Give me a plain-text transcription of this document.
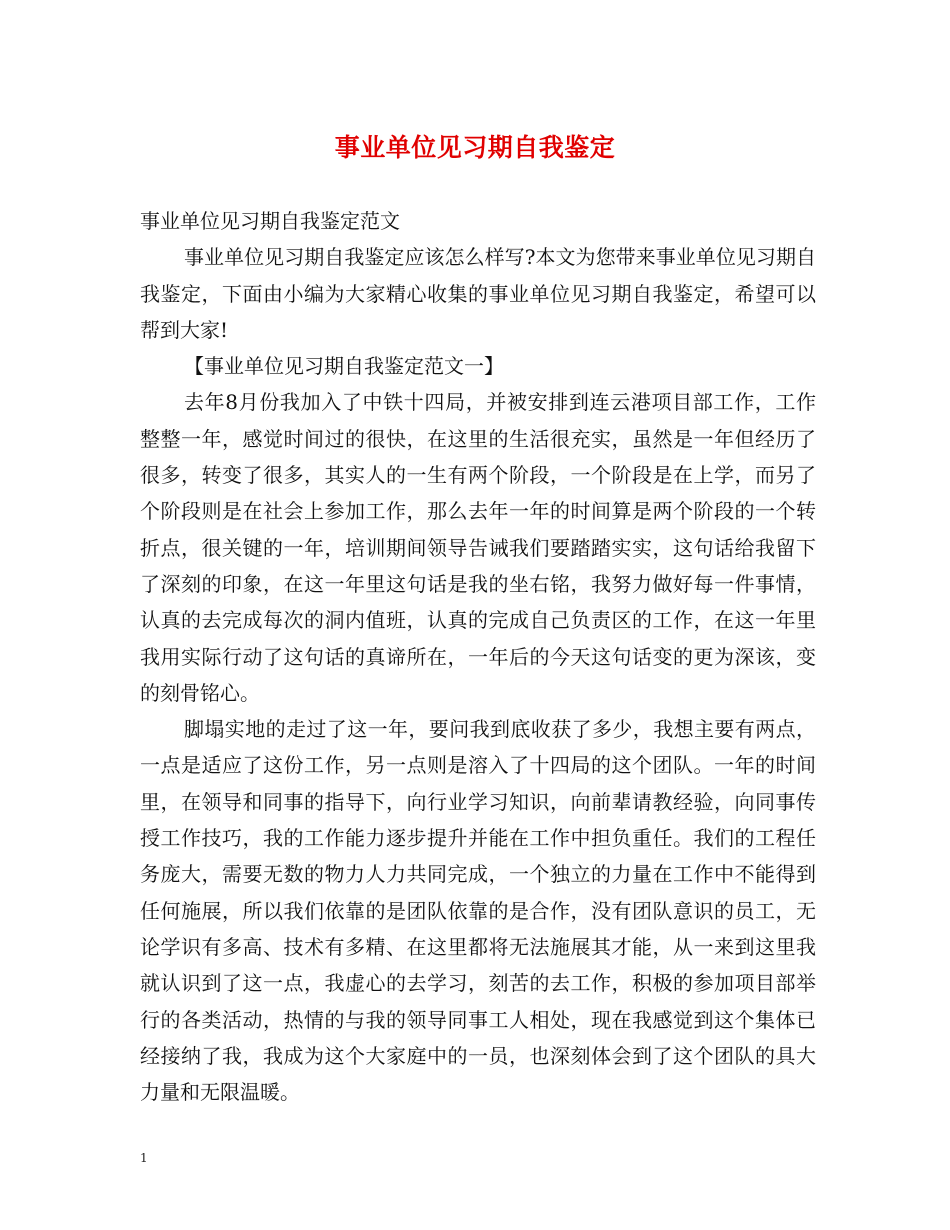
事业单位见习期自我鉴定

事业单位见习期自我鉴定范文

事业单位见习期自我鉴定应该怎么样写?本文为您带来事业单位见习期自我鉴定，下面由小编为大家精心收集的事业单位见习期自我鉴定，希望可以帮到大家!

【事业单位见习期自我鉴定范文一】

去年8月份我加入了中铁十四局，并被安排到连云港项目部工作，工作整整一年，感觉时间过的很快，在这里的生活很充实，虽然是一年但经历了很多，转变了很多，其实人的一生有两个阶段，一个阶段是在上学，而另了个阶段则是在社会上参加工作，那么去年一年的时间算是两个阶段的一个转折点，很关键的一年，培训期间领导告诫我们要踏踏实实，这句话给我留下了深刻的印象，在这一年里这句话是我的坐右铭，我努力做好每一件事情，认真的去完成每次的洞内值班，认真的完成自己负责区的工作，在这一年里我用实际行动了这句话的真谛所在，一年后的今天这句话变的更为深该，变的刻骨铭心。

脚塌实地的走过了这一年，要问我到底收获了多少，我想主要有两点，一点是适应了这份工作，另一点则是溶入了十四局的这个团队。一年的时间里，在领导和同事的指导下，向行业学习知识，向前辈请教经验，向同事传授工作技巧，我的工作能力逐步提升并能在工作中担负重任。我们的工程任务庞大，需要无数的物力人力共同完成，一个独立的力量在工作中不能得到任何施展，所以我们依靠的是团队依靠的是合作，没有团队意识的员工，无论学识有多高、技术有多精、在这里都将无法施展其才能，从一来到这里我就认识到了这一点，我虚心的去学习，刻苦的去工作，积极的参加项目部举行的各类活动，热情的与我的领导同事工人相处，现在我感觉到这个集体已经接纳了我，我成为这个大家庭中的一员，也深刻体会到了这个团队的具大力量和无限温暖。

1
